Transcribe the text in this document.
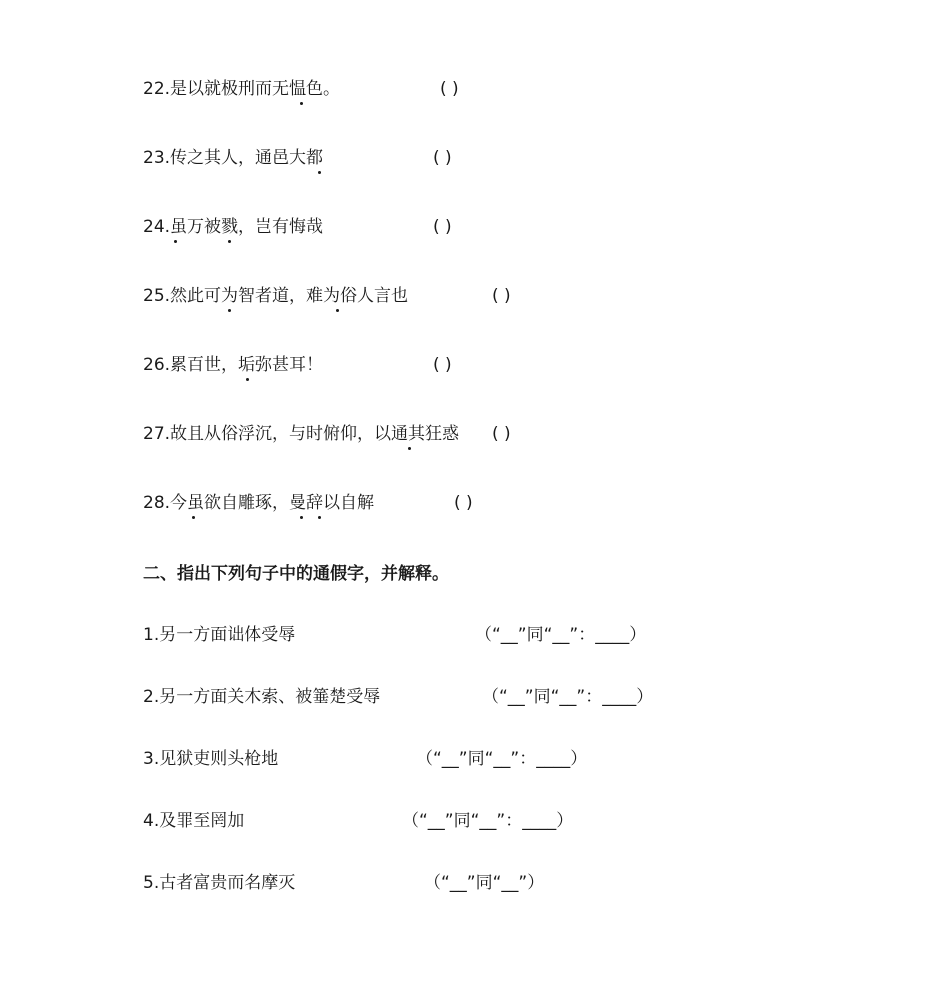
22.是以就极刑而无愠色。	( )
23.传之其人，通邑大都	( )
24.虽万被戮，岂有悔哉	( )
25.然此可为智者道，难为俗人言也	( )
26.累百世，垢弥甚耳！	( )
27.故且从俗浮沉，与时俯仰，以通其狂惑 ( )
28.今虽欲自雕琢，曼辞以自解	( )
二、指出下列句子中的通假字，并解释。
1.另一方面诎体受辱	（“__”同“__”：____）
2.另一方面关木索、被箠楚受辱	（“__”同“__”：____）
3.见狱吏则头枪地	（“__”同“__”：____）
4.及罪至罔加	（“__”同“__”：____）
5.古者富贵而名摩灭	（“__”同“__”）
